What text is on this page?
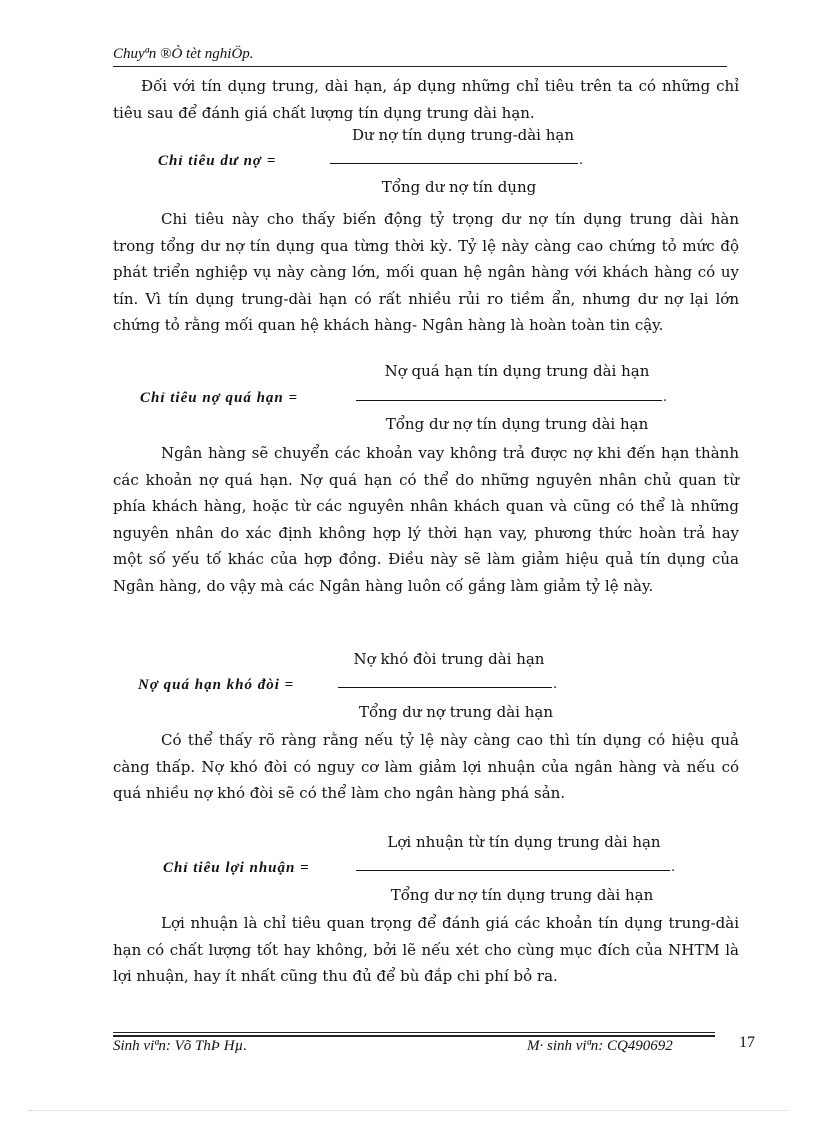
Chuyªn ®Ò tèt nghiÖp.

Đối với tín dụng trung, dài hạn, áp dụng những chỉ tiêu trên ta có những chỉ tiêu sau để đánh giá chất lượng tín dụng trung dài hạn.

Dư nợ tín dụng trung-dài hạn
Chỉ tiêu dư nợ =	.
Tổng dư nợ tín dụng

Chi tiêu này cho thấy biến động tỷ trọng dư nợ tín dụng trung dài hàn trong tổng dư nợ tín dụng qua từng thời kỳ. Tỷ lệ này càng cao chứng tỏ mức độ phát triển nghiệp vụ này càng lớn, mối quan hệ ngân hàng với khách hàng có uy tín. Vì tín dụng trung-dài hạn có rất nhiều rủi ro tiềm ẩn, nhưng dư nợ lại lớn chứng tỏ rằng mối quan hệ khách hàng- Ngân hàng là hoàn toàn tin cậy.

Nợ quá hạn tín dụng trung dài hạn
Chỉ tiêu nợ quá hạn =	.
Tổng dư nợ tín dụng trung dài hạn

Ngân hàng sẽ chuyển các khoản vay không trả được nợ khi đến hạn thành các khoản nợ quá hạn. Nợ quá hạn có thể do những nguyên nhân chủ quan từ phía khách hàng, hoặc từ các nguyên nhân khách quan và cũng có thể là những nguyên nhân do xác định không hợp lý thời hạn vay, phương thức hoàn trả hay một số yếu tố khác của hợp đồng. Điều này sẽ làm giảm hiệu quả tín dụng của Ngân hàng, do vậy mà các Ngân hàng luôn cố gắng làm giảm tỷ lệ này.

Nợ khó đòi trung dài hạn
Nợ quá hạn khó đòi =	.
Tổng dư nợ trung dài hạn

Có thể thấy rõ ràng rằng nếu tỷ lệ này càng cao thì tín dụng có hiệu quả càng thấp. Nợ khó đòi có nguy cơ làm giảm lợi nhuận của ngân hàng và nếu có quá nhiều nợ khó đòi sẽ có thể làm cho ngân hàng phá sản.

Lợi nhuận từ tín dụng trung dài hạn
Chỉ tiêu lợi nhuận =	.
Tổng dư nợ tín dụng trung dài hạn

Lợi nhuận là chỉ tiêu quan trọng để đánh giá các khoản tín dụng trung-dài hạn có chất lượng tốt hay không, bởi lẽ nếu xét cho cùng mục đích của NHTM là lợi nhuận, hay ít nhất cũng thu đủ để bù đắp chi phí bỏ ra.

Sinh viªn: Võ ThÞ Hµ.	M· sinh viªn: CQ490692	17
